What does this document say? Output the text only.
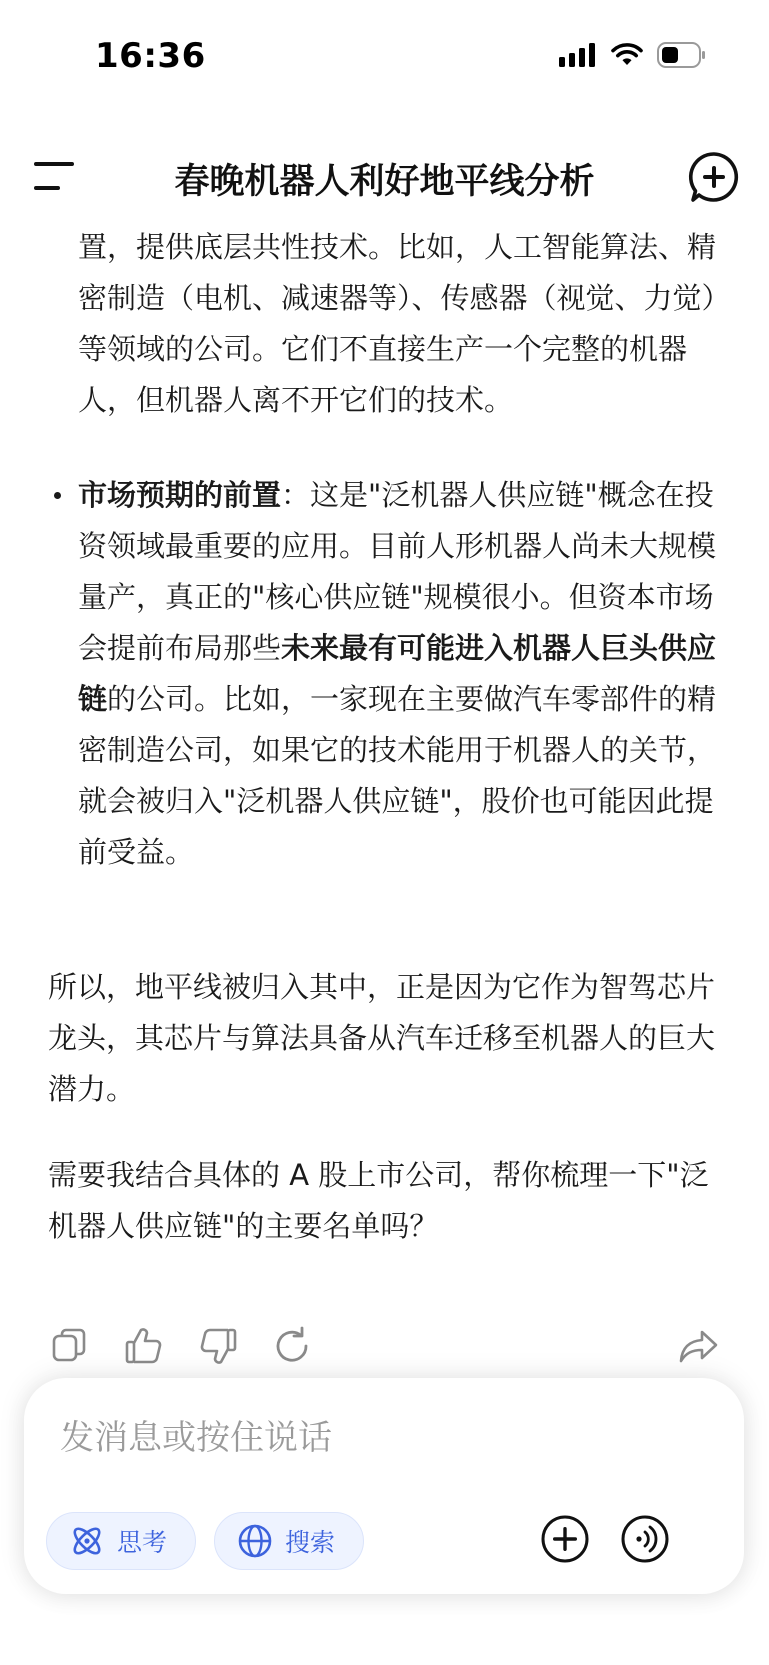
16:36
春晚机器人利好地平线分析
置，提供底层共性技术。比如，人工智能算法、精密制造（电机、减速器等）、传感器（视觉、力觉）等领域的公司。它们不直接生产一个完整的机器人，但机器人离不开它们的技术。
市场预期的前置：这是"泛机器人供应链"概念在投资领域最重要的应用。目前人形机器人尚未大规模量产，真正的"核心供应链"规模很小。但资本市场会提前布局那些未来最有可能进入机器人巨头供应链的公司。比如，一家现在主要做汽车零部件的精密制造公司，如果它的技术能用于机器人的关节，就会被归入"泛机器人供应链"，股价也可能因此提前受益。
所以，地平线被归入其中，正是因为它作为智驾芯片龙头，其芯片与算法具备从汽车迁移至机器人的巨大潜力。
需要我结合具体的 A 股上市公司，帮你梳理一下"泛机器人供应链"的主要名单吗？
发消息或按住说话
思考	搜索
